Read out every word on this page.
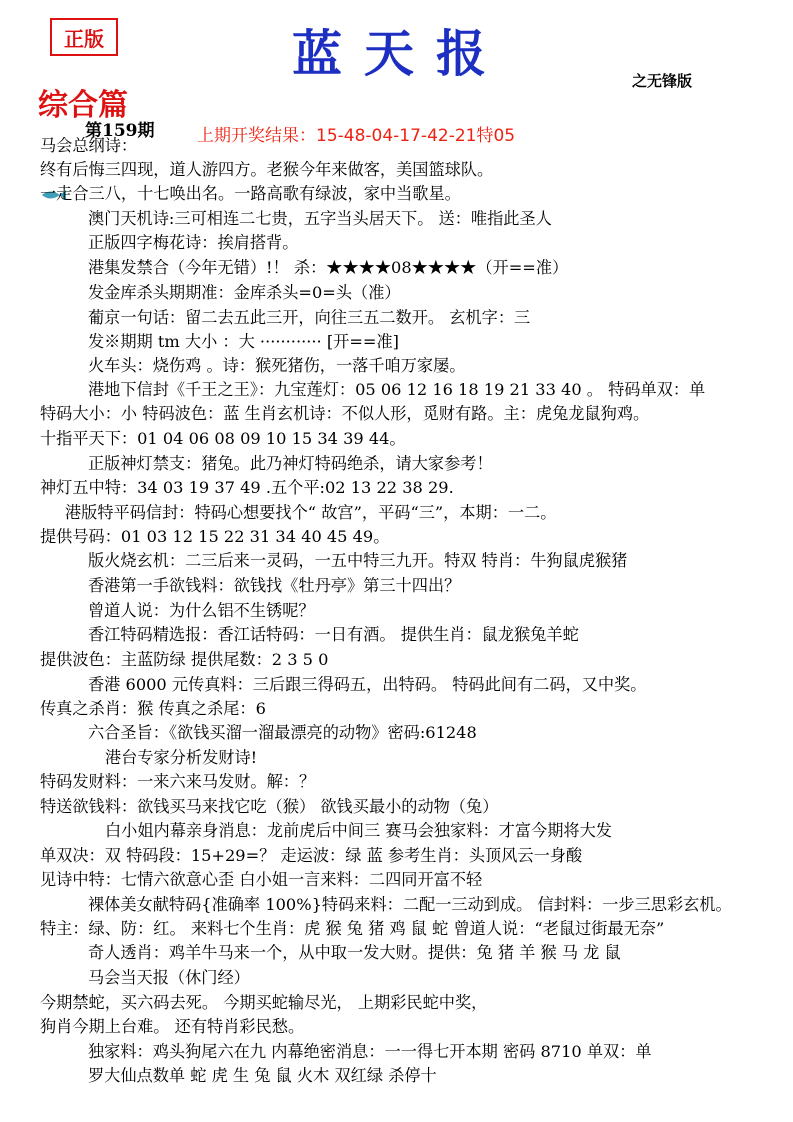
正版	蓝天报	之无锋版
综合篇
第159期	上期开奖结果：15-48-04-17-42-21特05
马会总纲诗：
终有后悔三四现，道人游四方。老猴今年来做客，美国篮球队。
一走合三八，十七唤出名。一路高歌有绿波，家中当歌星。
澳门天机诗:三可相连二七贵，五字当头居天下。 送：唯指此圣人
正版四字梅花诗：挨肩搭背。
港集发禁合（今年无错）!！ 杀：★★★★08★★★★（开==准）
发金库杀头期期准：金库杀头=0=头（准）
葡京一句话：留二去五此三开，向往三五二数开。 玄机字：三
发※期期 tm 大小 ：大 ············ [开==准]
火车头：烧伤鸡 。诗：猴死猪伤，一落千咱万家屡。
港地下信封《千王之王》：九宝莲灯：05 06 12 16 18 19 21 33 40 。 特码单双：单
特码大小：小 特码波色：蓝 生肖玄机诗：不似人形，觅财有路。主：虎兔龙鼠狗鸡。
十指平天下：01 04 06 08 09 10 15 34 39 44。
正版神灯禁支：猪兔。此乃神灯特码绝杀，请大家参考！
神灯五中特：34 03 19 37 49 .五个平:02 13 22 38 29.
港版特平码信封：特码心想要找个“ 故宫”，平码“三”，本期：一二。
提供号码：01 03 12 15 22 31 34 40 45 49。
版火烧玄机：二三后来一灵码，一五中特三九开。特双 特肖：牛狗鼠虎猴猪
香港第一手欲钱料：欲钱找《牡丹亭》第三十四出？
曾道人说：为什么铝不生锈呢？
香江特码精选报：香江话特码：一日有酒。 提供生肖：鼠龙猴兔羊蛇
提供波色：主蓝防绿 提供尾数：2 3 5 0
香港 6000 元传真料：三后跟三得码五，出特码。 特码此间有二码，又中奖。
传真之杀肖：猴 传真之杀尾：6
六合圣旨：《欲钱买溜一溜最漂亮的动物》密码:61248
港台专家分析发财诗!
特码发财料：一来六来马发财。解：？
特送欲钱料：欲钱买马来找它吃（猴） 欲钱买最小的动物（兔）
白小姐内幕亲身消息：龙前虎后中间三 赛马会独家料：才富今期将大发
单双决：双 特码段：15+29=？ 走运波：绿 蓝 参考生肖：头顶风云一身酸
见诗中特：七情六欲意心歪 白小姐一言来料：二四同开富不轻
裸体美女献特码{准确率 100%}特码来料：二配一三动到成。 信封料：一步三思彩玄机。
特主：绿、防：红。 来料七个生肖：虎 猴 兔 猪 鸡 鼠 蛇 曾道人说：“老鼠过街最无奈”
奇人透肖：鸡羊牛马来一个，从中取一发大财。提供：兔 猪 羊 猴 马 龙 鼠
马会当天报（休门经）
今期禁蛇，买六码去死。 今期买蛇输尽光， 上期彩民蛇中奖，
狗肖今期上台难。 还有特肖彩民愁。
独家料：鸡头狗尾六在九 内幕绝密消息：一一得七开本期 密码 8710 单双：单
罗大仙点数单 蛇 虎 生 兔 鼠 火木 双红绿 杀停十
